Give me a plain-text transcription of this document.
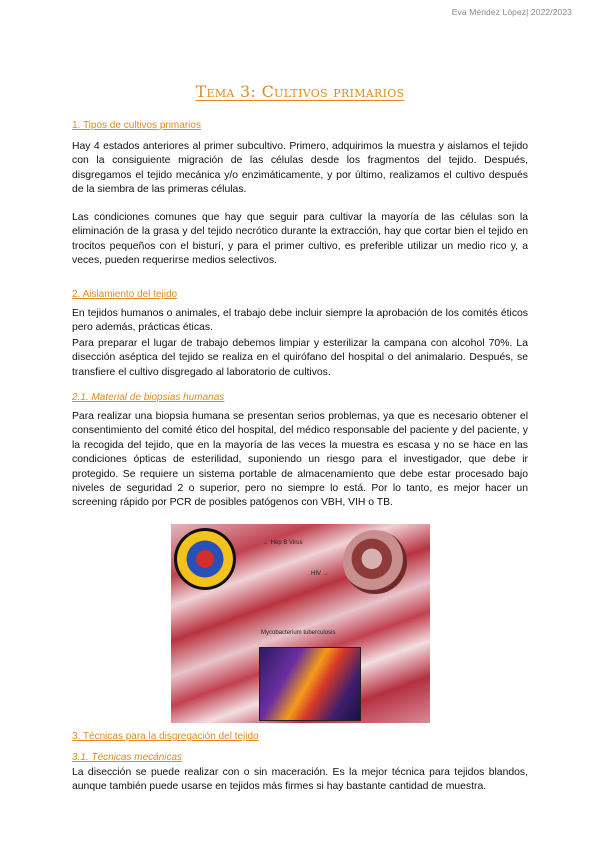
Eva Méndez López| 2022/2023
Tema 3: Cultivos primarios
1. Tipos de cultivos primarios
Hay 4 estados anteriores al primer subcultivo. Primero, adquirimos la muestra y aislamos el tejido con la consiguiente migración de las células desde los fragmentos del tejido. Después, disgregamos el tejido mecánica y/o enzimáticamente, y por último, realizamos el cultivo después de la siembra de las primeras células.
Las condiciones comunes que hay que seguir para cultivar la mayoría de las células son la eliminación de la grasa y del tejido necrótico durante la extracción, hay que cortar bien el tejido en trocitos pequeños con el bisturí, y para el primer cultivo, es preferible utilizar un medio rico y, a veces, pueden requerirse medios selectivos.
2. Aislamiento del tejido
En tejidos humanos o animales, el trabajo debe incluir siempre la aprobación de los comités éticos pero además, prácticas éticas.
Para preparar el lugar de trabajo debemos limpiar y esterilizar la campana con alcohol 70%. La disección aséptica del tejido se realiza en el quirófano del hospital o del animalario. Después, se transfiere el cultivo disgregado al laboratorio de cultivos.
2.1. Material de biopsias humanas
Para realizar una biopsia humana se presentan serios problemas, ya que es necesario obtener el consentimiento del comité ético del hospital, del médico responsable del paciente y del paciente, y la recogida del tejido, que en la mayoría de las veces la muestra es escasa y no se hace en las condiciones ópticas de esterilidad, suponiendo un riesgo para el investigador, que debe ir protegido. Se requiere un sistema portable de almacenamiento que debe estar procesado bajo niveles de seguridad 2 o superior, pero no siempre lo está. Por lo tanto, es mejor hacer un screening rápido por PCR de posibles patógenos con VBH, VIH o TB.
← Hep B Virus
HIV →
Mycobacterium tuberculosis
3. Técnicas para la disgregación del tejido
3.1. Técnicas mecánicas
La disección se puede realizar con o sin maceración. Es la mejor técnica para tejidos blandos, aunque también puede usarse en tejidos más firmes si hay bastante cantidad de muestra.
